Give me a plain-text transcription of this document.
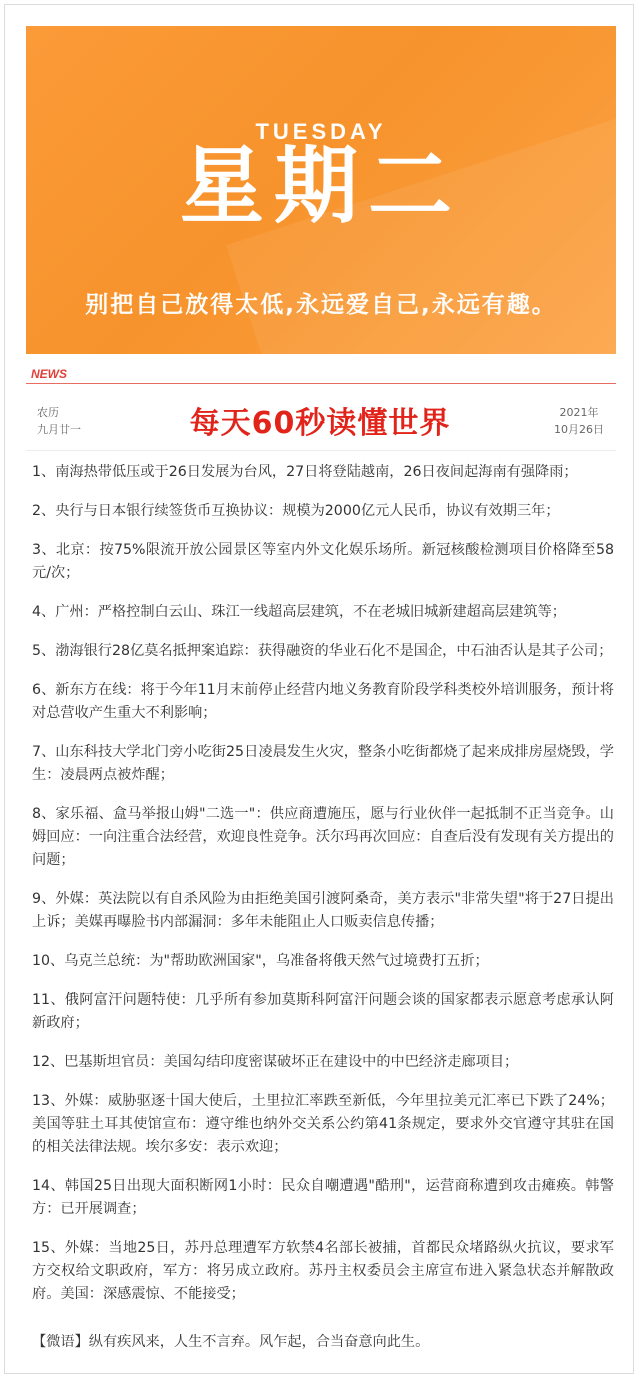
TUESDAY
星期二
别把自己放得太低,永远爱自己,永远有趣。
NEWS
农历
九月廿一	每天60秒读懂世界	2021年
10月26日
1、南海热带低压或于26日发展为台风，27日将登陆越南，26日夜间起海南有强降雨；
2、央行与日本银行续签货币互换协议：规模为2000亿元人民币，协议有效期三年；
3、北京：按75%限流开放公园景区等室内外文化娱乐场所。新冠核酸检测项目价格降至58元/次；
4、广州：严格控制白云山、珠江一线超高层建筑，不在老城旧城新建超高层建筑等；
5、渤海银行28亿莫名抵押案追踪：获得融资的华业石化不是国企，中石油否认是其子公司；
6、新东方在线：将于今年11月末前停止经营内地义务教育阶段学科类校外培训服务，预计将对总营收产生重大不利影响；
7、山东科技大学北门旁小吃街25日凌晨发生火灾，整条小吃街都烧了起来成排房屋烧毁，学生：凌晨两点被炸醒；
8、家乐福、盒马举报山姆"二选一"：供应商遭施压，愿与行业伙伴一起抵制不正当竞争。山姆回应：一向注重合法经营，欢迎良性竞争。沃尔玛再次回应：自查后没有发现有关方提出的问题；
9、外媒：英法院以有自杀风险为由拒绝美国引渡阿桑奇，美方表示"非常失望"将于27日提出上诉；美媒再曝脸书内部漏洞：多年未能阻止人口贩卖信息传播；
10、乌克兰总统：为"帮助欧洲国家"，乌准备将俄天然气过境费打五折；
11、俄阿富汗问题特使：几乎所有参加莫斯科阿富汗问题会谈的国家都表示愿意考虑承认阿新政府；
12、巴基斯坦官员：美国勾结印度密谋破坏正在建设中的中巴经济走廊项目；
13、外媒：威胁驱逐十国大使后，土里拉汇率跌至新低，今年里拉美元汇率已下跌了24%；美国等驻土耳其使馆宣布：遵守维也纳外交关系公约第41条规定，要求外交官遵守其驻在国的相关法律法规。埃尔多安：表示欢迎；
14、韩国25日出现大面积断网1小时：民众自嘲遭遇"酷刑"，运营商称遭到攻击瘫痪。韩警方：已开展调查；
15、外媒：当地25日，苏丹总理遭军方软禁4名部长被捕，首都民众堵路纵火抗议，要求军方交权给文职政府，军方：将另成立政府。苏丹主权委员会主席宣布进入紧急状态并解散政府。美国：深感震惊、不能接受；
【微语】纵有疾风来，人生不言弃。风乍起，合当奋意向此生。
